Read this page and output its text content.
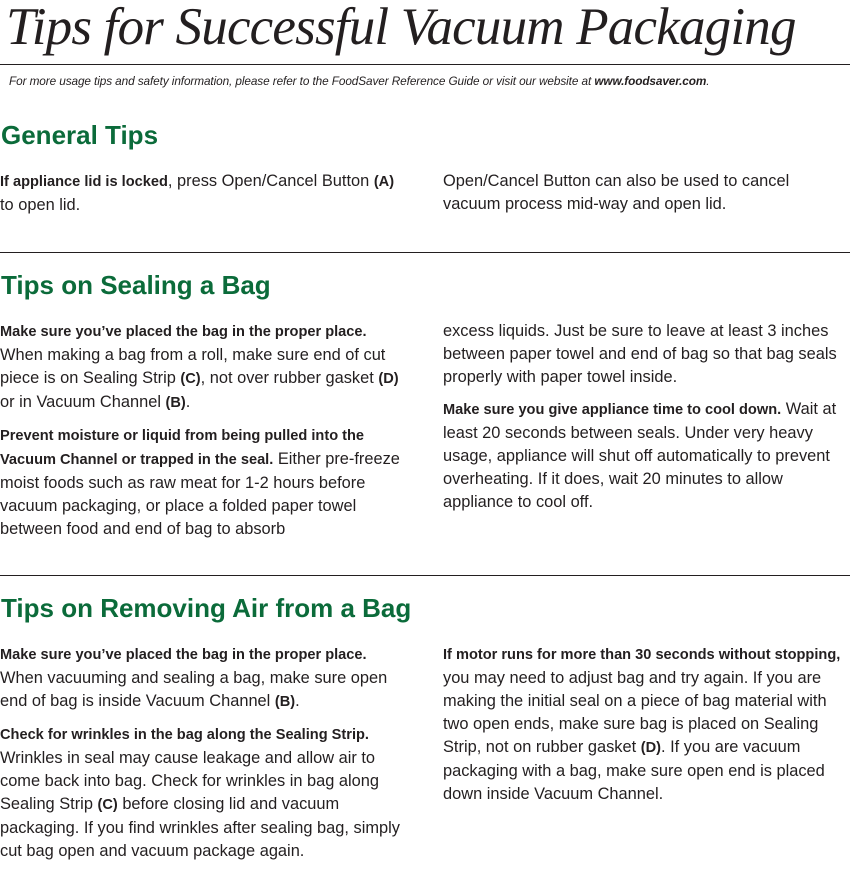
Tips for Successful Vacuum Packaging
For more usage tips and safety information, please refer to the FoodSaver Reference Guide or visit our website at www.foodsaver.com.
General Tips

If appliance lid is locked, press Open/Cancel Button (A) to open lid.

Open/Cancel Button can also be used to cancel vacuum process mid-way and open lid.

Tips on Sealing a Bag

Make sure you’ve placed the bag in the proper place. When making a bag from a roll, make sure end of cut piece is on Sealing Strip (C), not over rubber gasket (D) or in Vacuum Channel (B).

Prevent moisture or liquid from being pulled into the Vacuum Channel or trapped in the seal. Either pre-freeze moist foods such as raw meat for 1-2 hours before vacuum packaging, or place a folded paper towel between food and end of bag to absorb

excess liquids. Just be sure to leave at least 3 inches between paper towel and end of bag so that bag seals properly with paper towel inside.

Make sure you give appliance time to cool down. Wait at least 20 seconds between seals. Under very heavy usage, appliance will shut off automatically to prevent overheating. If it does, wait 20 minutes to allow appliance to cool off.

Tips on Removing Air from a Bag

Make sure you’ve placed the bag in the proper place. When vacuuming and sealing a bag, make sure open end of bag is inside Vacuum Channel (B).

Check for wrinkles in the bag along the Sealing Strip. Wrinkles in seal may cause leakage and allow air to come back into bag. Check for wrinkles in bag along Sealing Strip (C) before closing lid and vacuum packaging. If you find wrinkles after sealing bag, simply cut bag open and vacuum package again.

If motor runs for more than 30 seconds without stopping, you may need to adjust bag and try again. If you are making the initial seal on a piece of bag material with two open ends, make sure bag is placed on Sealing Strip, not on rubber gasket (D). If you are vacuum packaging with a bag, make sure open end is placed down inside Vacuum Channel.
